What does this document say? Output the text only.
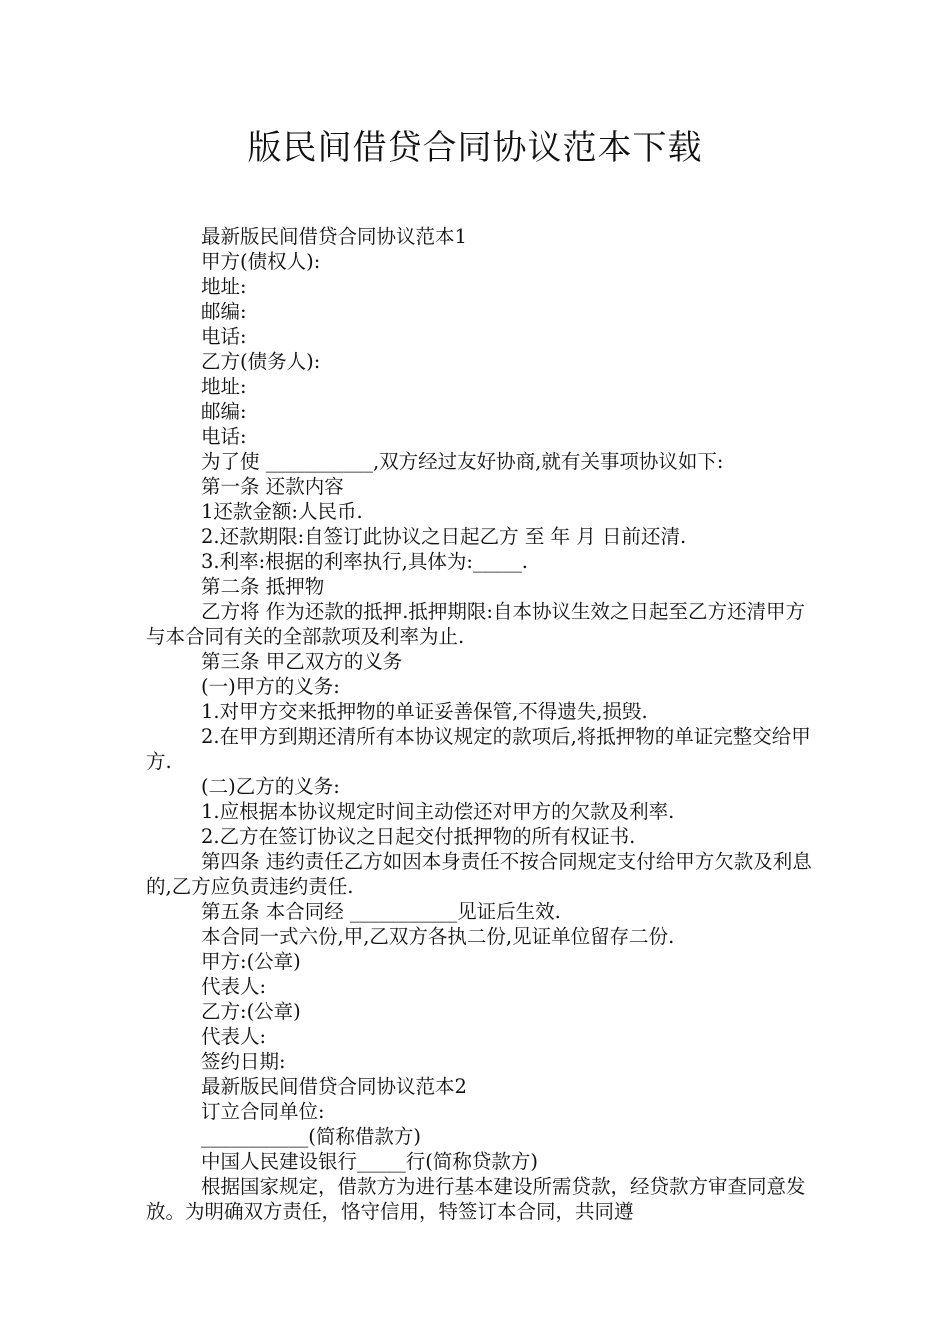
版民间借贷合同协议范本下载

最新版民间借贷合同协议范本1

甲方(债权人):

地址:

邮编:

电话:

乙方(债务人):

地址:

邮编:

电话:

为了使 ___________,双方经过友好协商,就有关事项协议如下:

第一条 还款内容

1还款金额:人民币.

2.还款期限:自签订此协议之日起乙方 至 年 月 日前还清.

3.利率:根据的利率执行,具体为:_____.

第二条 抵押物

乙方将 作为还款的抵押.抵押期限:自本协议生效之日起至乙方还清甲方与本合同有关的全部款项及利率为止.

第三条 甲乙双方的义务

(一)甲方的义务:

1.对甲方交来抵押物的单证妥善保管,不得遗失,损毁.

2.在甲方到期还清所有本协议规定的款项后,将抵押物的单证完整交给甲方.

(二)乙方的义务:

1.应根据本协议规定时间主动偿还对甲方的欠款及利率.

2.乙方在签订协议之日起交付抵押物的所有权证书.

第四条 违约责任乙方如因本身责任不按合同规定支付给甲方欠款及利息的,乙方应负责违约责任.

第五条 本合同经 ___________见证后生效.

本合同一式六份,甲,乙双方各执二份,见证单位留存二份.

甲方:(公章)

代表人:

乙方:(公章)

代表人:

签约日期:

最新版民间借贷合同协议范本2

订立合同单位:

___________(简称借款方)

中国人民建设银行_____行(简称贷款方)

根据国家规定，借款方为进行基本建设所需贷款，经贷款方审查同意发放。为明确双方责任，恪守信用，特签订本合同，共同遵
